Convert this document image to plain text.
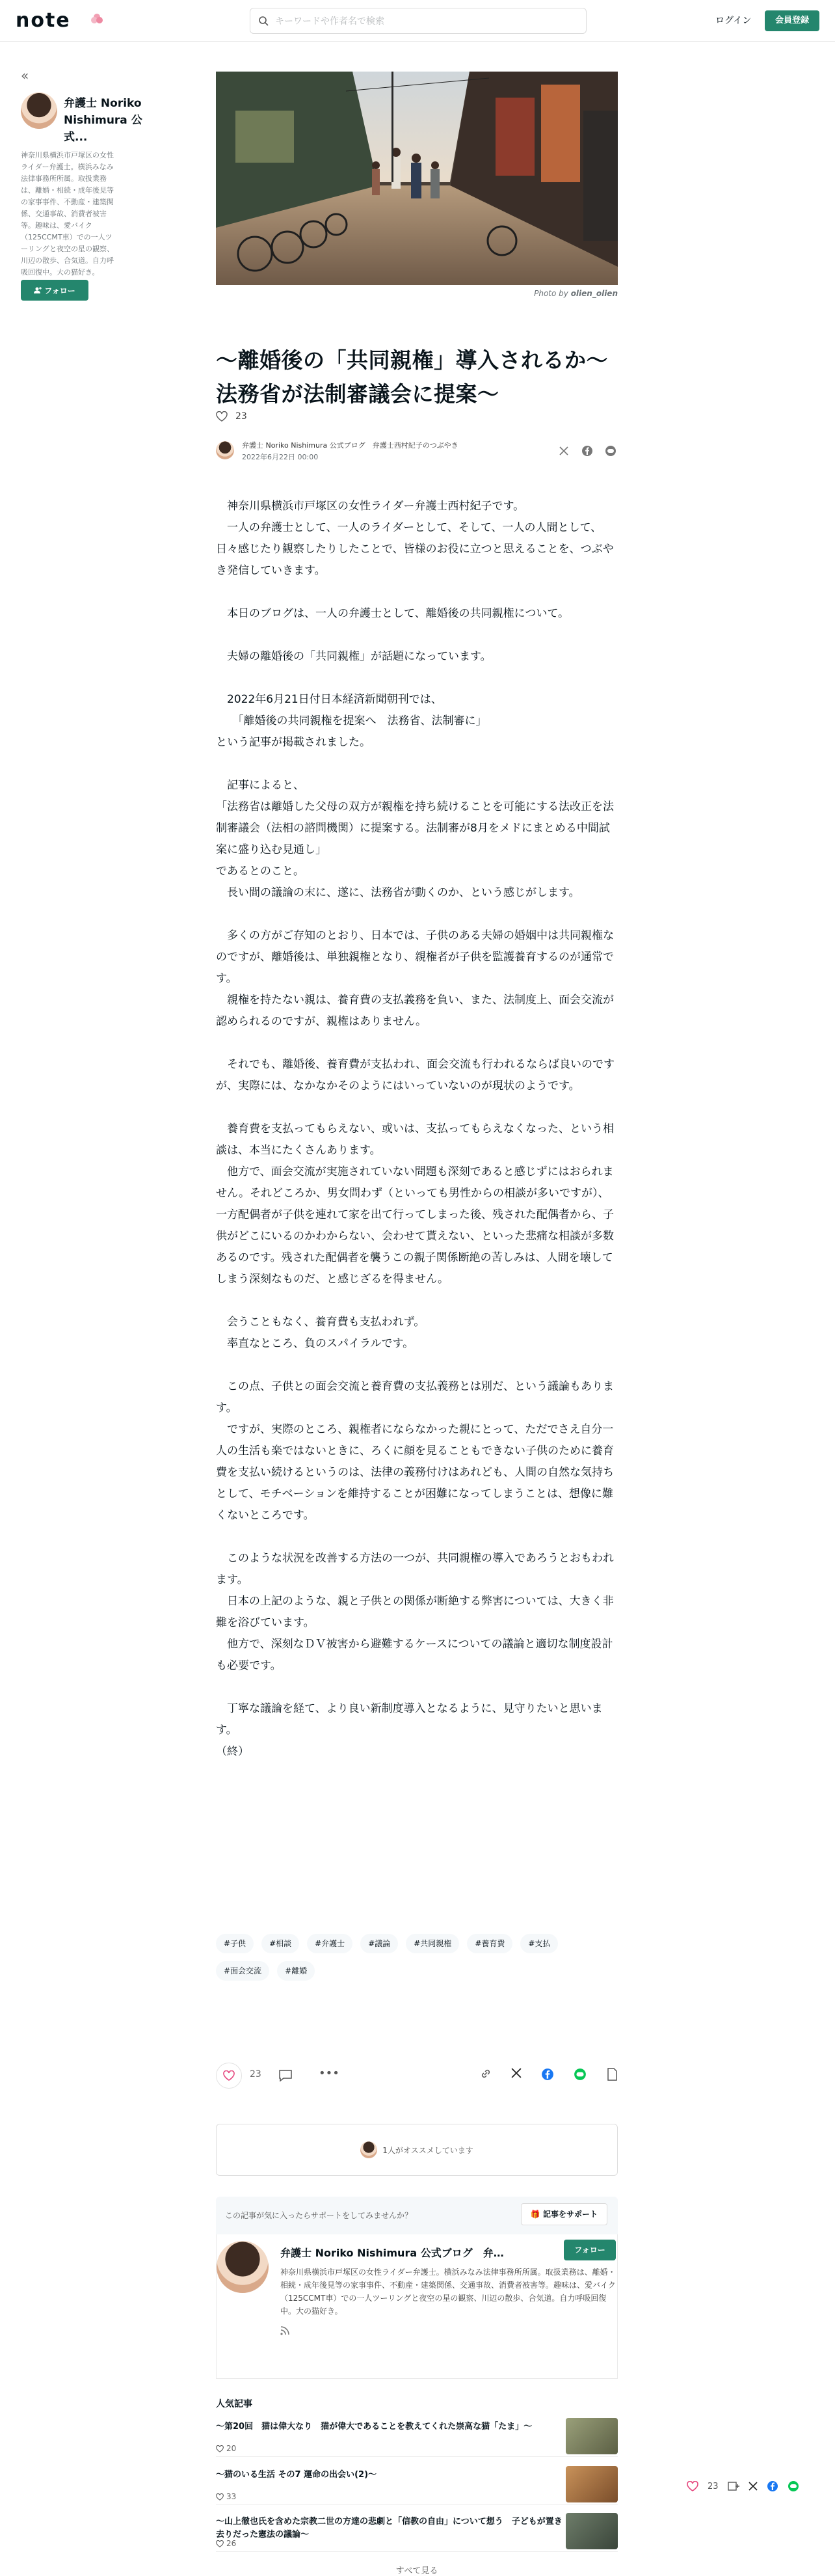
note	キーワードや作者名で検索	ログイン	会員登録
«
弁護士 Noriko Nishimura 公式...
神奈川県横浜市戸塚区の女性ライダー弁護士。横浜みなみ法律事務所所属。取扱業務は、離婚・相続・成年後見等の家事事件、不動産・建築関係、交通事故、消費者被害等。趣味は、愛バイク（125CCMT車）での一人ツーリングと夜空の星の観察、川辺の散歩、合気道。自力呼吸回復中。大の猫好き。
フォロー	Photo by olien_olien
〜離婚後の「共同親権」導入されるか〜
法務省が法制審議会に提案〜
23
弁護士 Noriko Nishimura 公式ブログ　弁護士西村紀子のつぶやき
2022年6月22日 00:00

　神奈川県横浜市戸塚区の女性ライダー弁護士西村紀子です。

　一人の弁護士として、一人のライダーとして、そして、一人の人間として、日々感じたり観察したりしたことで、皆様のお役に立つと思えることを、つぶやき発信していきます。

　本日のブログは、一人の弁護士として、離婚後の共同親権について。

　夫婦の離婚後の「共同親権」が話題になっています。

　2022年6月21日付日本経済新聞朝刊では、

　　「離婚後の共同親権を提案へ　法務省、法制審に」

という記事が掲載されました。

　記事によると、

「法務省は離婚した父母の双方が親権を持ち続けることを可能にする法改正を法制審議会（法相の諮問機関）に提案する。法制審が8月をメドにまとめる中間試案に盛り込む見通し」

であるとのこと。

　長い間の議論の末に、遂に、法務省が動くのか、という感じがします。

　多くの方がご存知のとおり、日本では、子供のある夫婦の婚姻中は共同親権なのですが、離婚後は、単独親権となり、親権者が子供を監護養育するのが通常です。

　親権を持たない親は、養育費の支払義務を負い、また、法制度上、面会交流が認められるのですが、親権はありません。

　それでも、離婚後、養育費が支払われ、面会交流も行われるならば良いのですが、実際には、なかなかそのようにはいっていないのが現状のようです。

　養育費を支払ってもらえない、或いは、支払ってもらえなくなった、という相談は、本当にたくさんあります。

　他方で、面会交流が実施されていない問題も深刻であると感じずにはおられません。それどころか、男女問わず（といっても男性からの相談が多いですが）、一方配偶者が子供を連れて家を出て行ってしまった後、残された配偶者から、子供がどこにいるのかわからない、会わせて貰えない、といった悲痛な相談が多数あるのです。残された配偶者を襲うこの親子関係断絶の苦しみは、人間を壊してしまう深刻なものだ、と感じざるを得ません。

　会うこともなく、養育費も支払われず。

　率直なところ、負のスパイラルです。

　この点、子供との面会交流と養育費の支払義務とは別だ、という議論もあります。

　ですが、実際のところ、親権者にならなかった親にとって、ただでさえ自分一人の生活も楽ではないときに、ろくに顔を見ることもできない子供のために養育費を支払い続けるというのは、法律の義務付けはあれども、人間の自然な気持ちとして、モチベーションを維持することが困難になってしまうことは、想像に難くないところです。

　このような状況を改善する方法の一つが、共同親権の導入であろうとおもわれます。

　日本の上記のような、親と子供との関係が断絶する弊害については、大きく非難を浴びています。

　他方で、深刻なＤＶ被害から避難するケースについての議論と適切な制度設計も必要です。

　丁寧な議論を経て、より良い新制度導入となるように、見守りたいと思います。

（終）

#子供	#相談	#弁護士	#議論	#共同親権	#養育費	#支払
#面会交流	#離婚
23	•••
1人がオススメしています
この記事が気に入ったらサポートをしてみませんか？	🎁 記事をサポート
弁護士 Noriko Nishimura 公式ブログ　弁…	フォロー
神奈川県横浜市戸塚区の女性ライダー弁護士。横浜みなみ法律事務所所属。取扱業務は、離婚・相続・成年後見等の家事事件、不動産・建築関係、交通事故、消費者被害等。趣味は、愛バイク（125CCMT車）での一人ツーリングと夜空の星の観察、川辺の散歩、合気道。自力呼吸回復中。大の猫好き。
人気記事
〜第20回　猫は偉大なり　猫が偉大であることを教えてくれた崇高な猫「たま」〜
20
〜猫のいる生活 その7 運命の出会い(2)〜
33
〜山上徹也氏を含めた宗教二世の方達の悲劇と「信教の自由」について想う　子どもが置き去りだった憲法の議論〜
26
すべて見る
23
